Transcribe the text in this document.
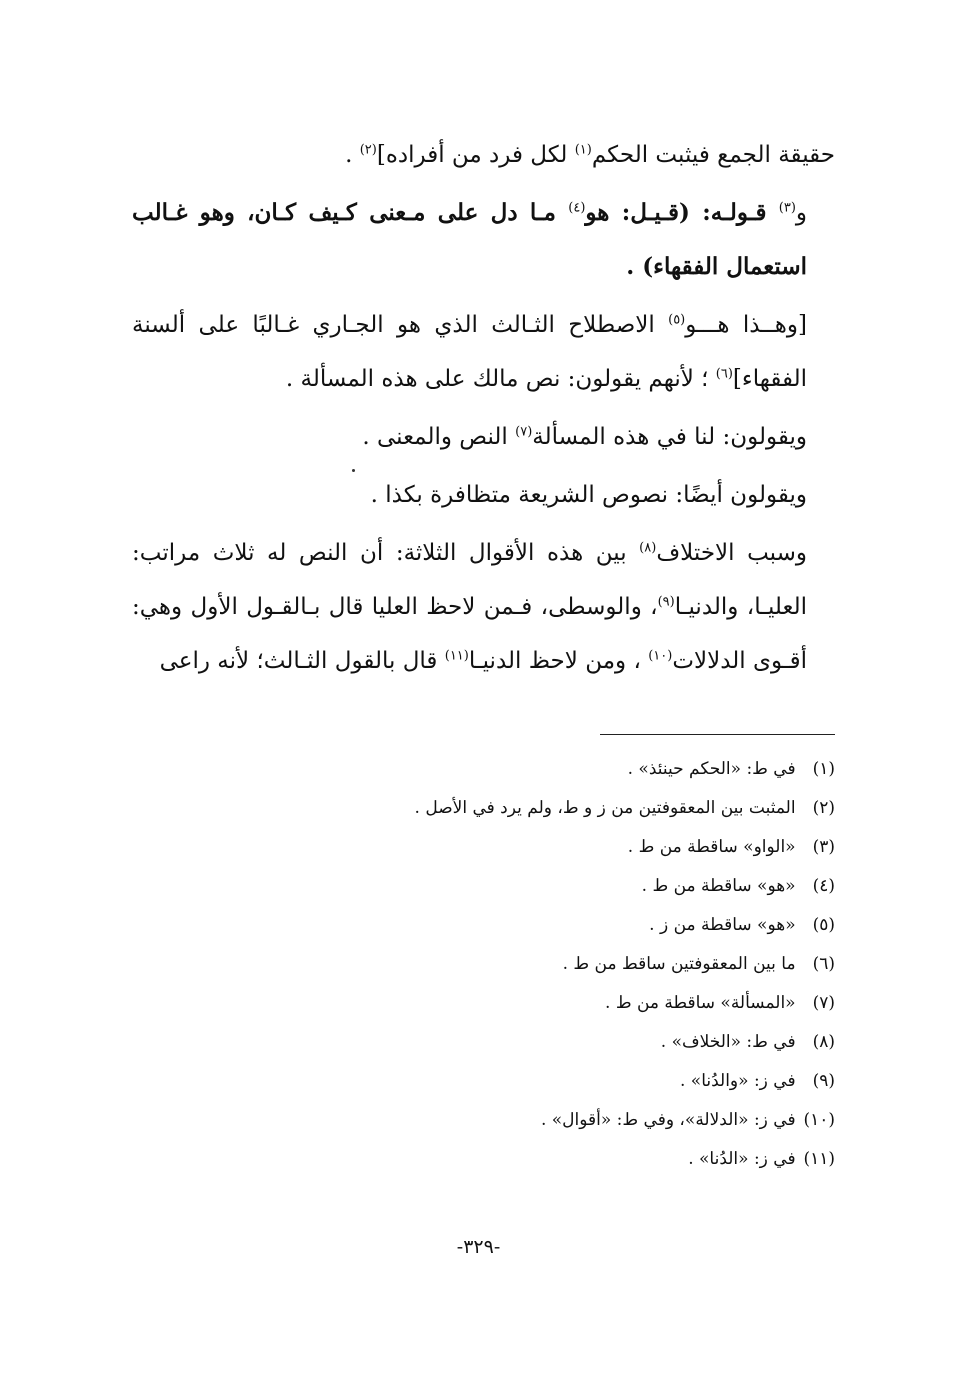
حقيقة الجمع فيثبت الحكم$^{(١)}$ لكل فرد من أفراده]$^{(٢)}$ .

و$^{(٣)}$ قـولـه: (قـيـل: هو$^{(٤)}$ مـا دل على مـعنى كـيف كـان، وهو غـالب استعمال الفقهاء) .

[وهــذا هـــو$^{(٥)}$ الاصطلاح الثـالث الذي هو الجـاري غـالبًا على ألسنة الفقهاء]$^{(٦)}$ ؛ لأنهم يقولون: نص مالك على هذه المسألة .

ويقولون: لنا في هذه المسألة$^{(٧)}$ النص والمعنى .

ويقولون أيضًا: نصوص الشريعة متظافرة بكذا .

وسبب الاختلاف$^{(٨)}$ بين هذه الأقوال الثلاثة: أن النص له ثلاث مراتب: العليـا، والدنيـا$^{(٩)}$، والوسطى، فـمن لاحظ العليا قال بـالقـول الأول وهي: أقـوى الدلالات$^{(١٠)}$ ، ومن لاحظ الدنيـا$^{(١١)}$ قال بالقول الثـالث؛ لأنه راعى

(١) في ط: «الحكم حينئذ» .
(٢) المثبت بين المعقوفتين من ز و ط، ولم يرد في الأصل .
(٣) «الواو» ساقطة من ط .
(٤) «هو» ساقطة من ط .
(٥) «هو» ساقطة من ز .
(٦) ما بين المعقوفتين ساقط من ط .
(٧) «المسألة» ساقطة من ط .
(٨) في ط: «الخلاف» .
(٩) في ز: «والدُنا» .
(١٠) في ز: «الدلالة»، وفي ط: «أقوال» .
(١١) في ز: «الدُنا» .
-٣٢٩-
